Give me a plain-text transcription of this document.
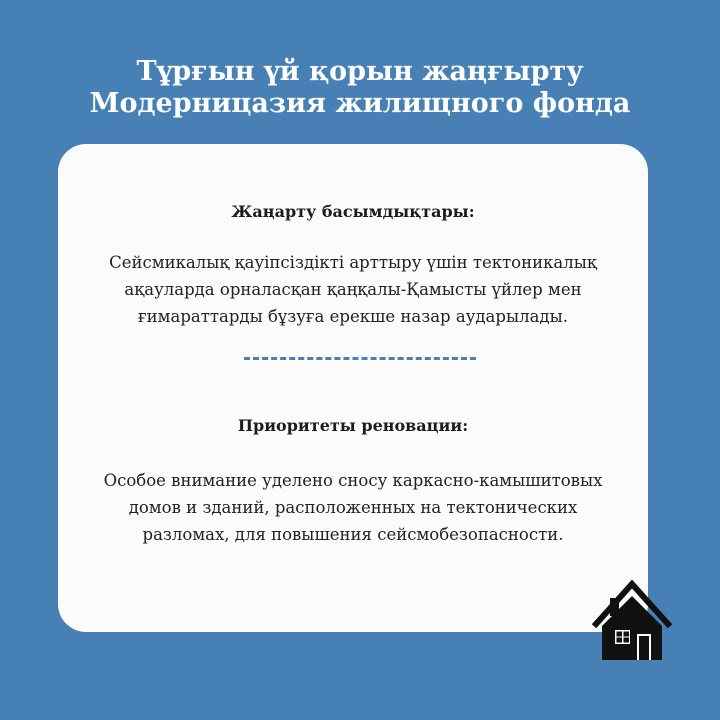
Тұрғын үй қорын жаңғырту
Модерницазия жилищного фонда
Жаңарту басымдықтары:
Сейсмикалық қауіпсіздікті арттыру үшін тектоникалық
ақауларда орналасқан қаңқалы-Қамысты үйлер мен
ғимараттарды бұзуға ерекше назар аударылады.
Приоритеты реновации:
Особое внимание уделено сносу каркасно-камышитовых
домов и зданий, расположенных на тектонических
разломах, для повышения сейсмобезопасности.
